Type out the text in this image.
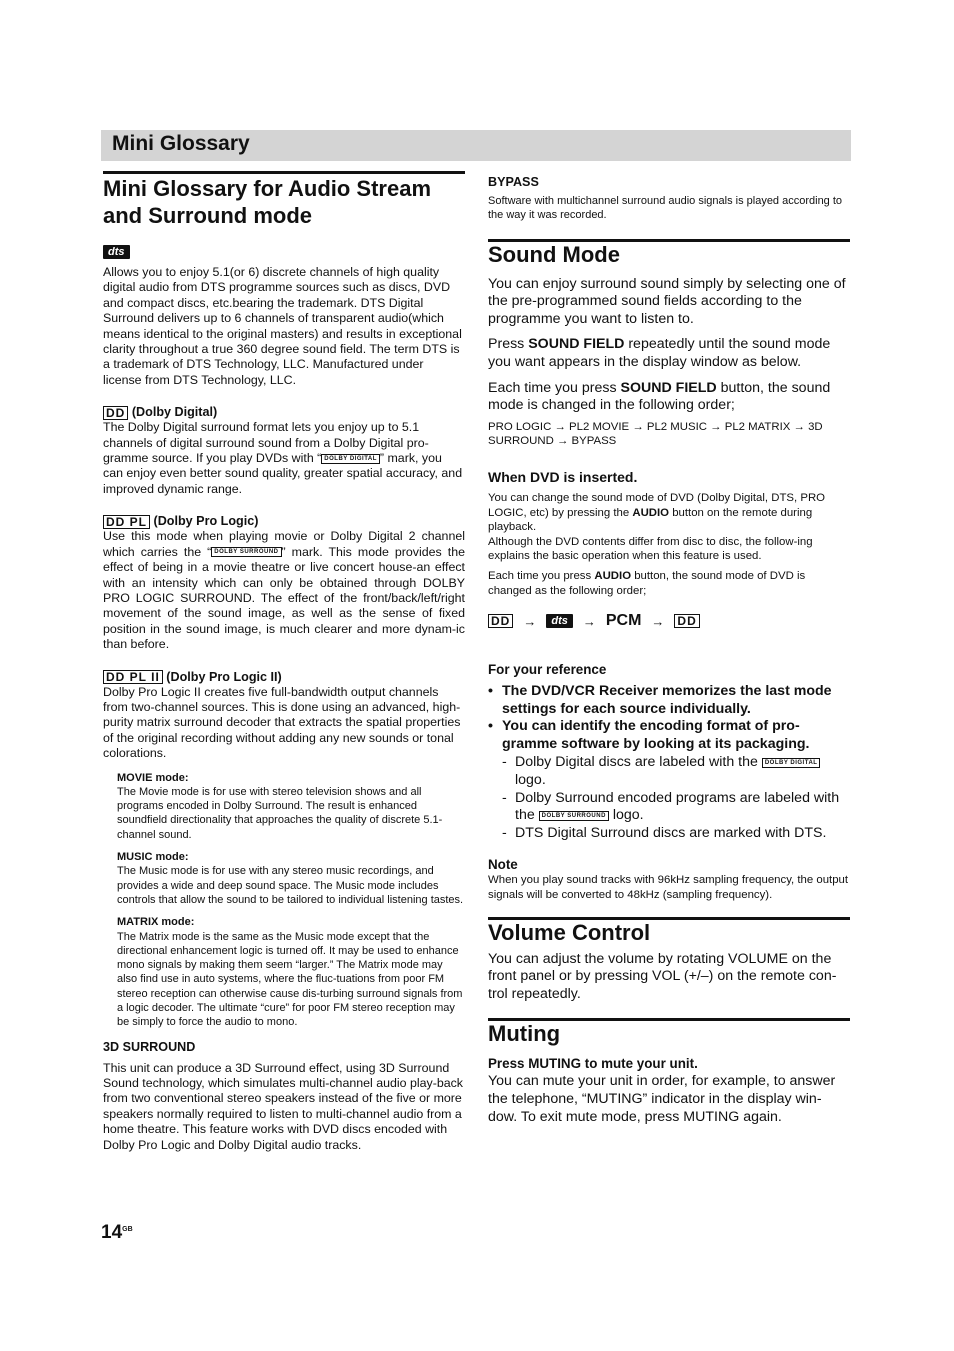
Mini Glossary
Mini Glossary for Audio Stream and Surround mode
dts

Allows you to enjoy 5.1(or 6) discrete channels of high quality digital audio from DTS programme sources such as discs, DVD and compact discs, etc.bearing the trademark. DTS Digital Surround delivers up to 6 channels of transparent audio(which means identical to the original masters) and results in exceptional clarity throughout a true 360 degree sound field. The term DTS is a trademark of DTS Technology, LLC. Manufactured under license from DTS Technology, LLC.

DD (Dolby Digital)

The Dolby Digital surround format lets you enjoy up to 5.1 channels of digital surround sound from a Dolby Digital pro-gramme source. If you play DVDs with “ DOLBY DIGITAL ” mark, you can enjoy even better sound quality, greater spatial accuracy, and improved dynamic range.

DD PL (Dolby Pro Logic)

Use this mode when playing movie or Dolby Digital 2 channel which carries the “ DOLBY SURROUND ” mark. This mode provides the effect of being in a movie theatre or live concert house-an effect with an intensity which can only be obtained through DOLBY PRO LOGIC SURROUND. The effect of the front/back/left/right movement of the sound image, as well as the sense of fixed position in the sound image, is much clearer and more dynam-ic than before.

DD PL II (Dolby Pro Logic II)

Dolby Pro Logic II creates five full-bandwidth output channels from two-channel sources. This is done using an advanced, high-purity matrix surround decoder that extracts the spatial properties of the original recording without adding any new sounds or tonal colorations.

MOVIE mode:

The Movie mode is for use with stereo television shows and all programs encoded in Dolby Surround. The result is enhanced soundfield directionality that approaches the quality of discrete 5.1-channel sound.

MUSIC mode:

The Music mode is for use with any stereo music recordings, and provides a wide and deep sound space. The Music mode includes controls that allow the sound to be tailored to individual listening tastes.

MATRIX mode:

The Matrix mode is the same as the Music mode except that the directional enhancement logic is turned off. It may be used to enhance mono signals by making them seem “larger.” The Matrix mode may also find use in auto systems, where the fluc-tuations from poor FM stereo reception can otherwise cause dis-turbing surround signals from a logic decoder. The ultimate “cure” for poor FM stereo reception may be simply to force the audio to mono.

3D SURROUND

This unit can produce a 3D Surround effect, using 3D Surround Sound technology, which simulates multi-channel audio play-back from two conventional stereo speakers instead of the five or more speakers normally required to listen to multi-channel audio from a home theatre. This feature works with DVD discs encoded with Dolby Pro Logic and Dolby Digital audio tracks.

BYPASS

Software with multichannel surround audio signals is played according to the way it was recorded.

Sound Mode

You can enjoy surround sound simply by selecting one of the pre-programmed sound fields according to the programme you want to listen to.

Press SOUND FIELD repeatedly until the sound mode you want appears in the display window as below.

Each time you press SOUND FIELD button, the sound mode is changed in the following order;

PRO LOGIC → PL2 MOVIE → PL2 MUSIC → PL2 MATRIX → 3D SURROUND → BYPASS

When DVD is inserted.

You can change the sound mode of DVD (Dolby Digital, DTS, PRO LOGIC, etc) by pressing the AUDIO button on the remote during playback.

Although the DVD contents differ from disc to disc, the follow-ing explains the basic operation when this feature is used.

Each time you press AUDIO button, the sound mode of DVD is changed as the following order;

DD →	dts	→ PCM → DD
For your reference
• The DVD/VCR Receiver memorizes the last mode settings for each source individually.
• You can identify the encoding format of pro-gramme software by looking at its packaging.
- Dolby Digital discs are labeled with the DOLBY DIGITAL logo.
- Dolby Surround encoded programs are labeled with the DOLBY SURROUND logo.
- DTS Digital Surround discs are marked with DTS.
Note

When you play sound tracks with 96kHz sampling frequency, the output signals will be converted to 48kHz (sampling frequency).

Volume Control

You can adjust the volume by rotating VOLUME on the front panel or by pressing VOL (+/–) on the remote con-trol repeatedly.

Muting
Press MUTING to mute your unit.

You can mute your unit in order, for example, to answer the telephone, “MUTING” indicator in the display win-dow. To exit mute mode, press MUTING again.

$14^{GB}$
